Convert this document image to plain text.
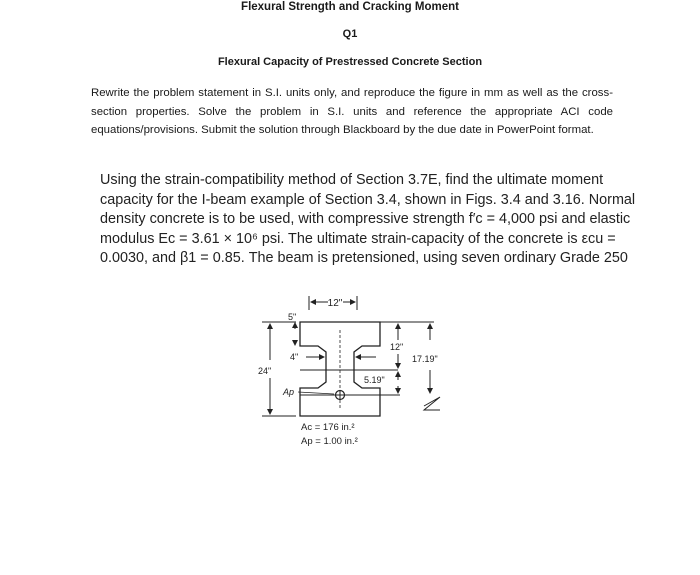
Flexural Strength and Cracking Moment
Q1
Flexural Capacity of Prestressed Concrete Section
Rewrite the problem statement in S.I. units only, and reproduce the figure in mm as well as the cross-section properties. Solve the problem in S.I. units and reference the appropriate ACI code equations/provisions. Submit the solution through Blackboard by the due date in PowerPoint format.
Using the strain-compatibility method of Section 3.7E, find the ultimate moment
capacity for the I-beam example of Section 3.4, shown in Figs. 3.4 and 3.16. Normal
density concrete is to be used, with compressive strength f′c = 4,000 psi and elastic
modulus Ec = 3.61 × 10⁶ psi. The ultimate strain-capacity of the concrete is εcu =
0.0030, and β1 = 0.85. The beam is pretensioned, using seven ordinary Grade 250
12"
5"
4"
24"
Ap
12"
17.19"
5.19"
Ac = 176 in.²
Ap = 1.00 in.²
